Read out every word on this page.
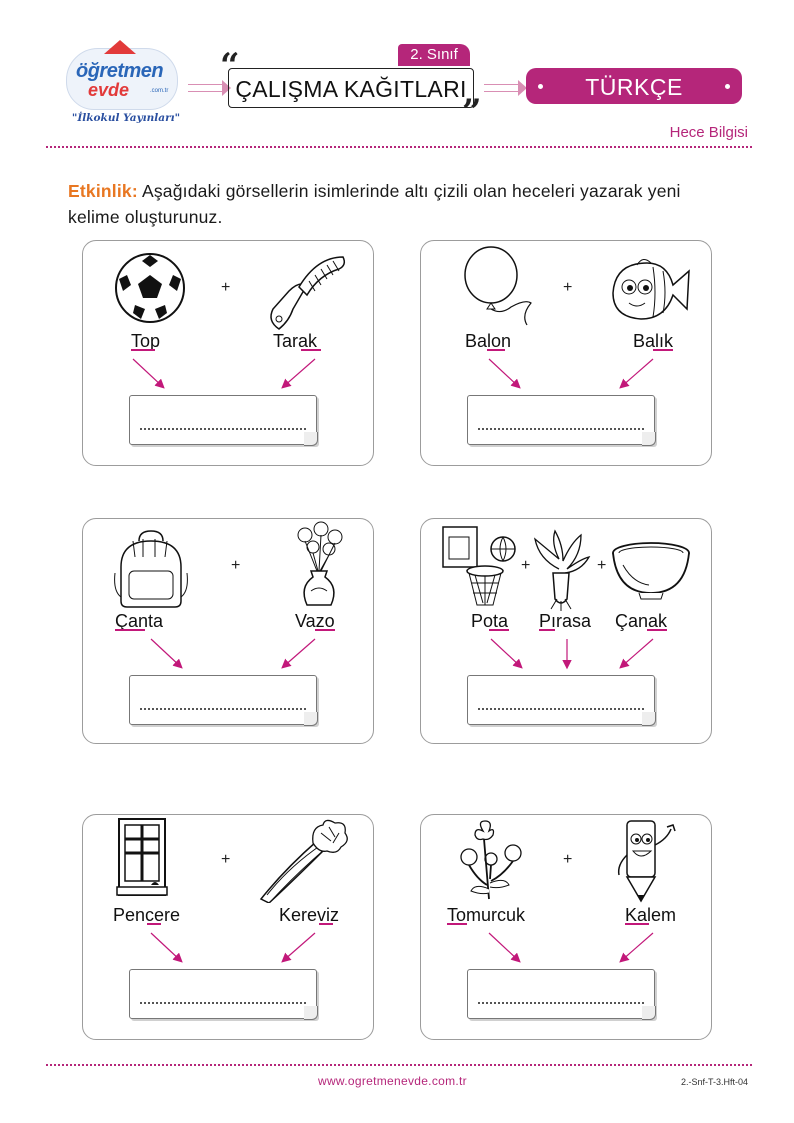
öğretmen
evde	.com.tr
"İlkokul Yayınları"
2. Sınıf
“
ÇALIŞMA KAĞITLARI
”
TÜRKÇE
Hece Bilgisi
Etkinlik: Aşağıdaki görsellerin isimlerinde altı çizili olan heceleri yazarak yeni kelime oluşturunuz.
+
Top	Tarak
+
Balon	Balık
+
Çanta	Vazo
+	+
Pota Pırasa Çanak
+
Pencere	Kereviz
+
Tomurcuk	Kalem
www.ogretmenevde.com.tr	2.-Snf-T-3.Hft-04
